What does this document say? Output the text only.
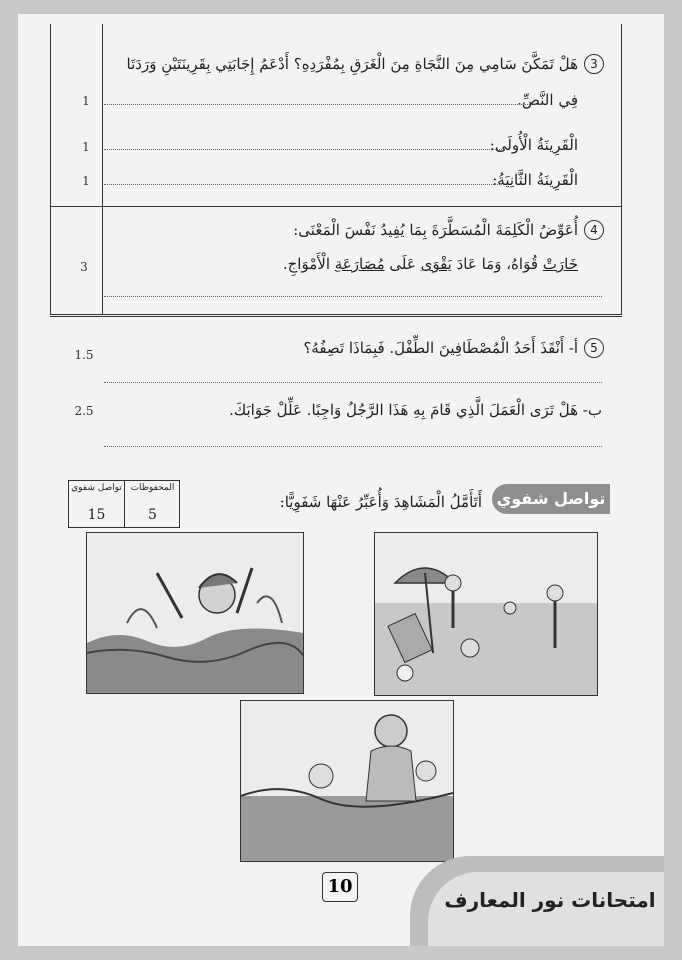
3
هَلْ تَمَكَّنَ سَامِي مِنَ النَّجَاةِ مِنَ الْغَرَقِ بِمُفْرَدِهِ؟ أَدْعَمُ إِجَابَتِي بِقَرِينَتَيْنِ وَرَدَتَا
فِي النَّصِّ.
الْقَرِينَةُ الْأُولَى:
الْقَرِينَةُ الثَّانِيَةُ:
1
1
1
4
أُعَوِّضُ الْكَلِمَةَ الْمُسَطَّرَةَ بِمَا يُفِيدُ نَفْسَ الْمَعْنَى:
خَارَتْ قُوَاهُ، وَمَا عَادَ يَقْوَى عَلَى مُصَارَعَةِ الْأَمْوَاجِ.
3
5
أ- أَنْقَذَ أَحَدُ الْمُصْطَافِينَ الطِّفْلَ. فَبِمَاذَا تَصِفُهُ؟
ب- هَلْ تَرَى الْعَمَلَ الَّذِي قَامَ بِهِ هَذَا الرَّجُلُ وَاجِبًا. عَلِّلْ جَوَابَكَ.
1.5
2.5
تواصل شفوي
أَتَأَمَّلُ الْمَشَاهِدَ وَأُعَبِّرُ عَنْهَا شَفَوِيًّا:
المحفوظات
5
تواصل شفوي
15
امتحانات نور المعارف
10
